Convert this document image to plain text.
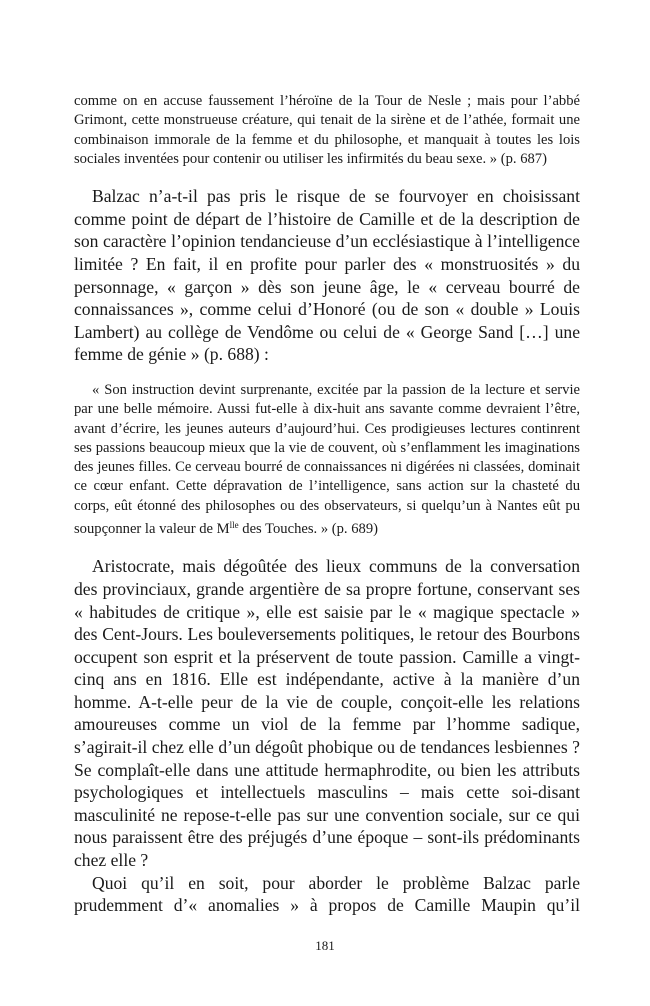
comme on en accuse faussement l’héroïne de la Tour de Nesle ; mais pour l’abbé Grimont, cette monstrueuse créature, qui tenait de la sirène et de l’athée, formait une combinaison immorale de la femme et du philosophe, et manquait à toutes les lois sociales inventées pour contenir ou utiliser les infirmités du beau sexe. » (p. 687)

Balzac n’a-t-il pas pris le risque de se fourvoyer en choisissant comme point de départ de l’histoire de Camille et de la description de son caractère l’opinion tendancieuse d’un ecclésiastique à l’intelligence limitée ? En fait, il en profite pour parler des « monstruosités » du personnage, « garçon » dès son jeune âge, le « cerveau bourré de connaissances », comme celui d’Honoré (ou de son « double » Louis Lambert) au collège de Vendôme ou celui de « George Sand […] une femme de génie » (p. 688) :

« Son instruction devint surprenante, excitée par la passion de la lecture et servie par une belle mémoire. Aussi fut-elle à dix-huit ans savante comme devraient l’être, avant d’écrire, les jeunes auteurs d’aujourd’hui. Ces prodigieuses lectures continrent ses passions beaucoup mieux que la vie de couvent, où s’enflamment les imaginations des jeunes filles. Ce cerveau bourré de connaissances ni digérées ni classées, dominait ce cœur enfant. Cette dépravation de l’intelligence, sans action sur la chasteté du corps, eût étonné des philosophes ou des observateurs, si quelqu’un à Nantes eût pu soupçonner la valeur de $M^{lle}$ des Touches. » (p. 689)

Aristocrate, mais dégoûtée des lieux communs de la conversation des provinciaux, grande argentière de sa propre fortune, conservant ses « habitudes de critique », elle est saisie par le « magique spectacle » des Cent-Jours. Les bouleversements politiques, le retour des Bourbons occupent son esprit et la préservent de toute passion. Camille a vingt-cinq ans en 1816. Elle est indépendante, active à la manière d’un homme. A-t-elle peur de la vie de couple, conçoit-elle les relations amoureuses comme un viol de la femme par l’homme sadique, s’agirait-il chez elle d’un dégoût phobique ou de tendances lesbiennes ? Se complaît-elle dans une attitude hermaphrodite, ou bien les attributs psychologiques et intellectuels masculins – mais cette soi-disant masculinité ne repose-t-elle pas sur une convention sociale, sur ce qui nous paraissent être des préjugés d’une époque – sont-ils prédominants chez elle ?

Quoi qu’il en soit, pour aborder le problème Balzac parle prudemment d’« anomalies » à propos de Camille Maupin qu’il

181
